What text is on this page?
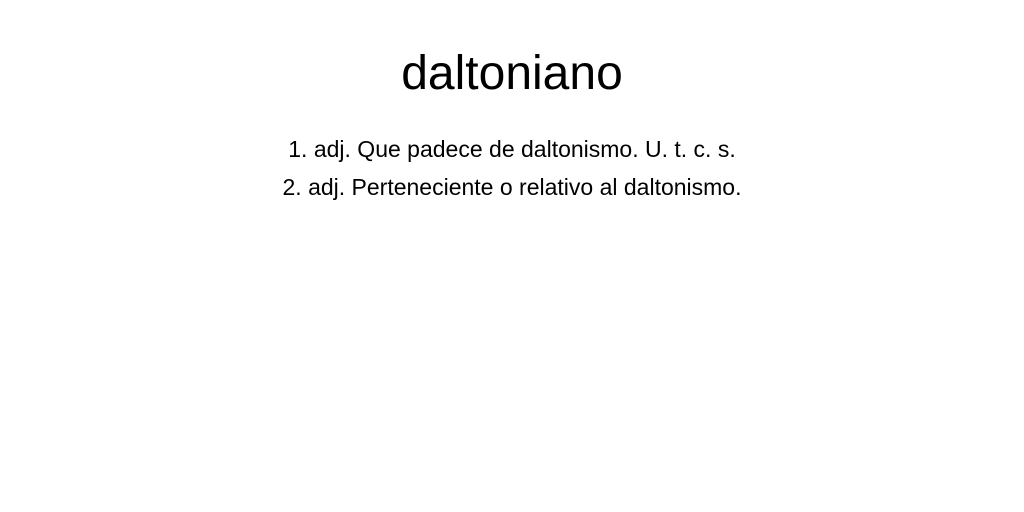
daltoniano
1. adj. Que padece de daltonismo. U. t. c. s.
2. adj. Perteneciente o relativo al daltonismo.
